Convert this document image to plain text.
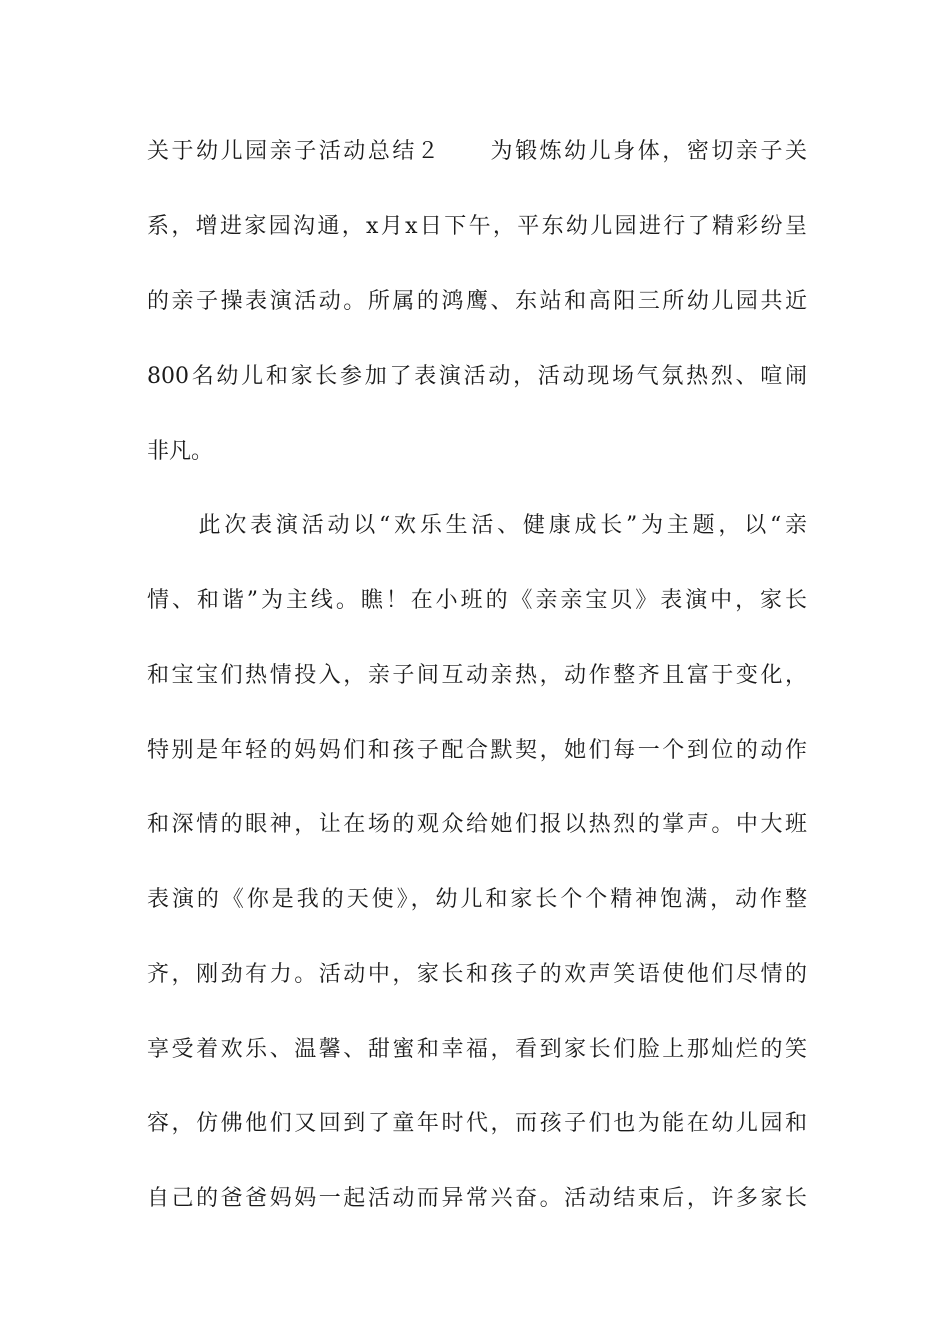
关于幼儿园亲子活动总结２　　为锻炼幼儿身体，密切亲子关
系，增进家园沟通，x月x日下午，平东幼儿园进行了精彩纷呈
的亲子操表演活动。所属的鸿鹰、东站和高阳三所幼儿园共近
800名幼儿和家长参加了表演活动，活动现场气氛热烈、喧闹
非凡。
　　此次表演活动以“欢乐生活、健康成长”为主题，以“亲
情、和谐”为主线。瞧！在小班的《亲亲宝贝》表演中，家长
和宝宝们热情投入，亲子间互动亲热，动作整齐且富于变化，
特别是年轻的妈妈们和孩子配合默契，她们每一个到位的动作
和深情的眼神，让在场的观众给她们报以热烈的掌声。中大班
表演的《你是我的天使》，幼儿和家长个个精神饱满，动作整
齐，刚劲有力。活动中，家长和孩子的欢声笑语使他们尽情的
享受着欢乐、温馨、甜蜜和幸福，看到家长们脸上那灿烂的笑
容，仿佛他们又回到了童年时代，而孩子们也为能在幼儿园和
自己的爸爸妈妈一起活动而异常兴奋。活动结束后，许多家长
